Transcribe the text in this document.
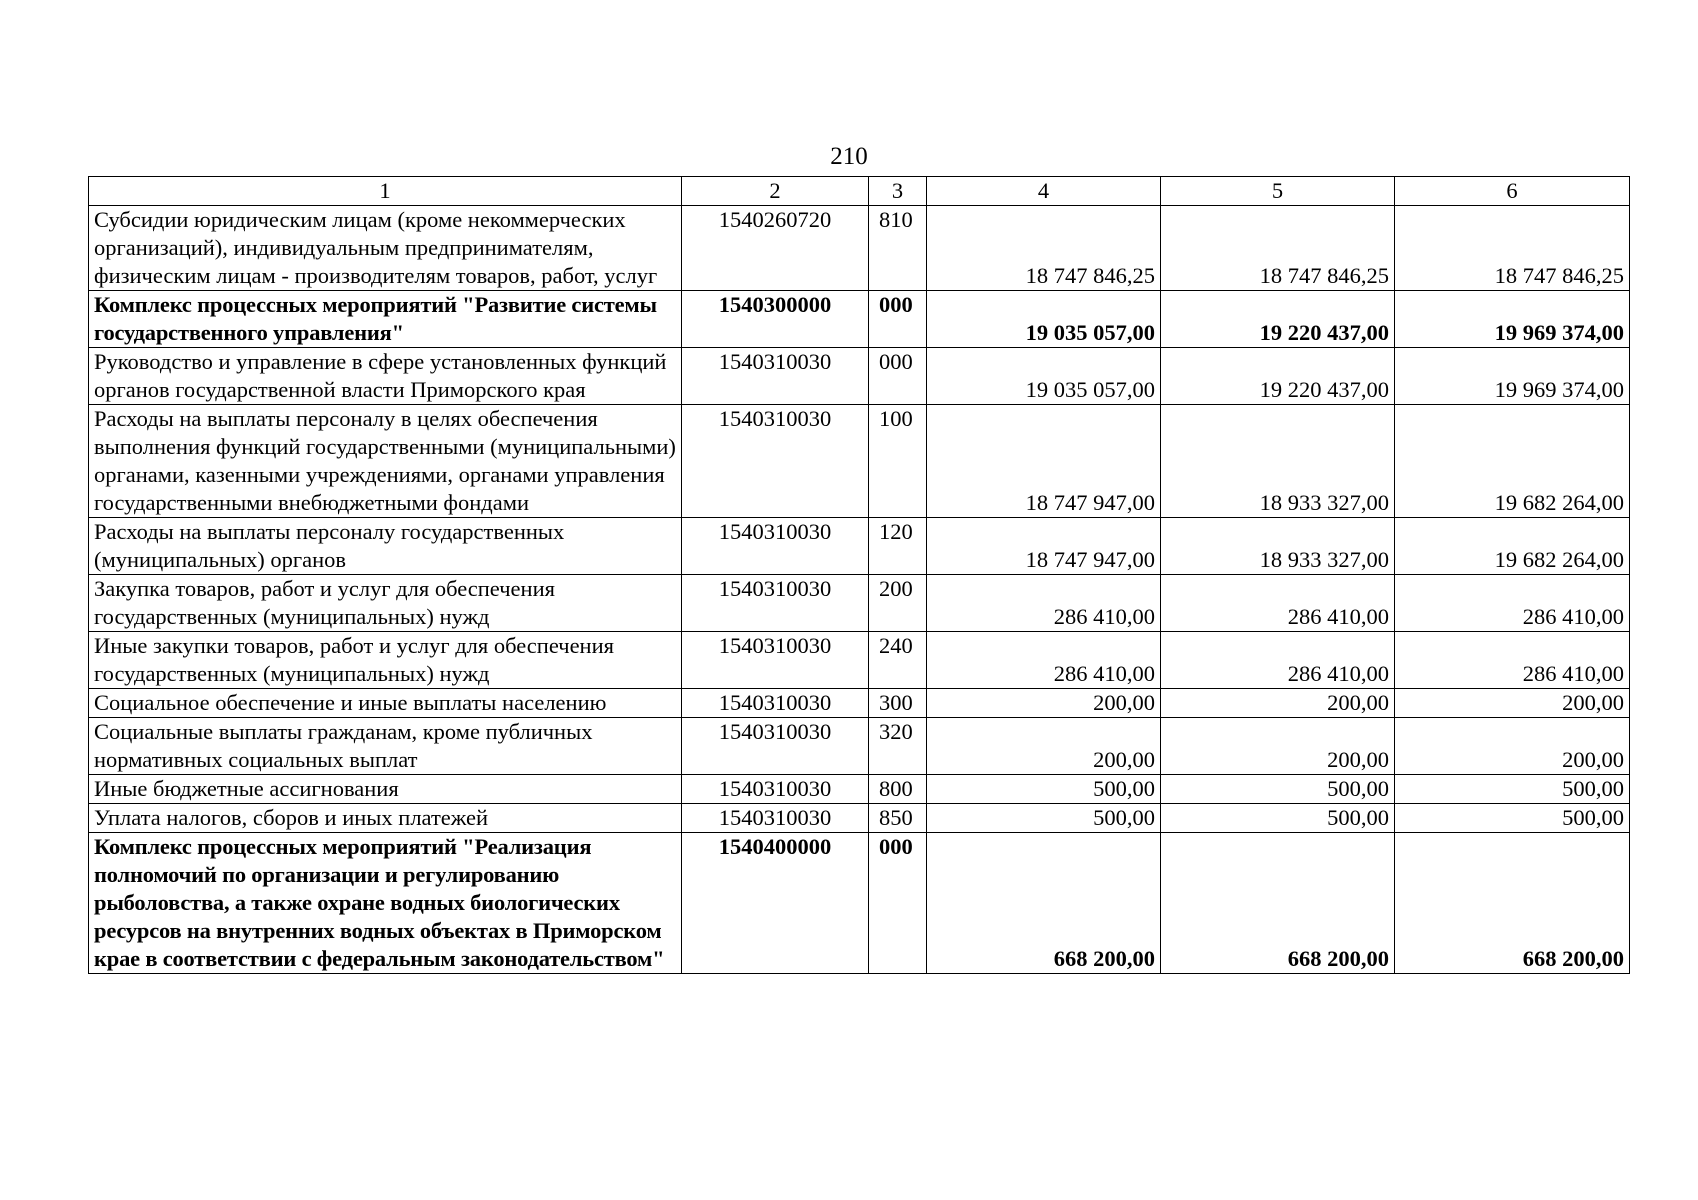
210
1	2	3	4	5	6
Субсидии юридическим лицам (кроме некоммерческих организаций), индивидуальным предпринимателям, физическим лицам - производителям товаров, работ, услуг	1540260720	810	18 747 846,25	18 747 846,25	18 747 846,25
Комплекс процессных мероприятий "Развитие системы государственного управления"	1540300000	000	19 035 057,00	19 220 437,00	19 969 374,00
Руководство и управление в сфере установленных функций органов государственной власти Приморского края	1540310030	000	19 035 057,00	19 220 437,00	19 969 374,00
Расходы на выплаты персоналу в целях обеспечения выполнения функций государственными (муниципальными) органами, казенными учреждениями, органами управления государственными внебюджетными фондами	1540310030	100	18 747 947,00	18 933 327,00	19 682 264,00
Расходы на выплаты персоналу государственных (муниципальных) органов	1540310030	120	18 747 947,00	18 933 327,00	19 682 264,00
Закупка товаров, работ и услуг для обеспечения государственных (муниципальных) нужд	1540310030	200	286 410,00	286 410,00	286 410,00
Иные закупки товаров, работ и услуг для обеспечения государственных (муниципальных) нужд	1540310030	240	286 410,00	286 410,00	286 410,00
Социальное обеспечение и иные выплаты населению	1540310030	300	200,00	200,00	200,00
Социальные выплаты гражданам, кроме публичных нормативных социальных выплат	1540310030	320	200,00	200,00	200,00
Иные бюджетные ассигнования	1540310030	800	500,00	500,00	500,00
Уплата налогов, сборов и иных платежей	1540310030	850	500,00	500,00	500,00
Комплекс процессных мероприятий "Реализация полномочий по организации и регулированию рыболовства, а также охране водных биологических ресурсов на внутренних водных объектах в Приморском крае в соответствии с федеральным законодательством"	1540400000	000	668 200,00	668 200,00	668 200,00
